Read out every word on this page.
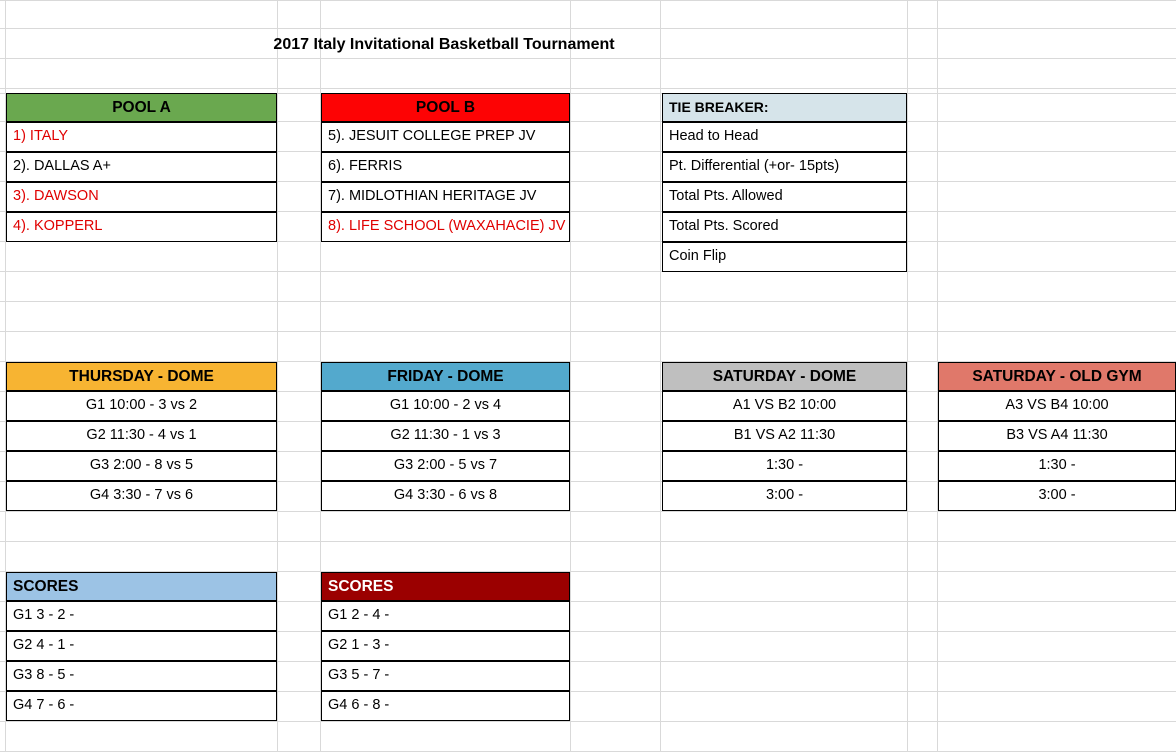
2017 Italy Invitational Basketball Tournament
POOL A
1) ITALY
2). DALLAS A+
3). DAWSON
4). KOPPERL
POOL B
5). JESUIT COLLEGE PREP JV
6). FERRIS
7). MIDLOTHIAN HERITAGE JV
8). LIFE SCHOOL (WAXAHACIE) JV
TIE BREAKER:
Head to Head
Pt. Differential (+or- 15pts)
Total Pts. Allowed
Total Pts. Scored
Coin Flip
THURSDAY - DOME
G1 10:00 - 3 vs 2
G2 11:30 - 4 vs 1
G3 2:00 - 8 vs 5
G4 3:30 - 7 vs 6
FRIDAY - DOME
G1 10:00 - 2 vs 4
G2 11:30 - 1 vs 3
G3 2:00 - 5 vs 7
G4 3:30 - 6 vs 8
SATURDAY - DOME
A1 VS B2 10:00
B1 VS A2 11:30
1:30 -
3:00 -
SATURDAY - OLD GYM
A3 VS B4 10:00
B3 VS A4 11:30
1:30 -
3:00 -
SCORES
G1 3 - 2 -
G2 4 - 1 -
G3 8 - 5 -
G4 7 - 6 -
SCORES
G1 2 - 4 -
G2 1 - 3 -
G3 5 - 7 -
G4 6 - 8 -
